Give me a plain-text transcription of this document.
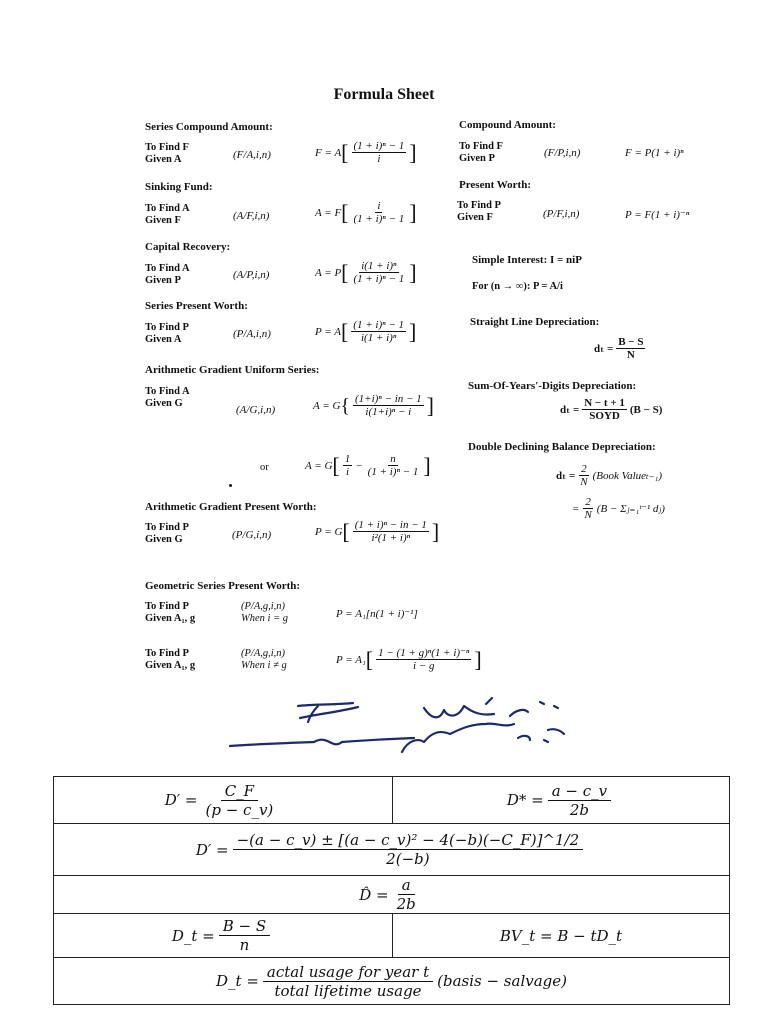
Formula Sheet
Series Compound Amount:
To Find F
Given A	(F/A,i,n)	F = A [ $\frac{\text{(1 + i)ⁿ − 1}}{i}$ ]
Sinking Fund:
To Find A
Given F	(A/F,i,n)	A = F [ $\frac{i}{\text{(1 + i)ⁿ − 1}}$ ]
Capital Recovery:
To Find A
Given P	(A/P,i,n)	A = P [ $\frac{\text{i(1 + i)ⁿ}}{\text{(1 + i)ⁿ − 1}}$ ]
Series Present Worth:
To Find P
Given A	(P/A,i,n)	P = A [ $\frac{\text{(1 + i)ⁿ − 1}}{\text{i(1 + i)ⁿ}}$ ]
Arithmetic Gradient Uniform Series:
To Find A
Given G
(A/G,i,n)	A = G { $\frac{\text{(1+i)ⁿ − in − 1}}{\text{i(1+i)ⁿ − i}}$ ]
or	A = G [ $\frac{1}{i} - \frac{n}{\text{(1 + i)ⁿ − 1}}$ ]
Arithmetic Gradient Present Worth:
To Find P
Given G	(P/G,i,n)	P = G [ $\frac{\text{(1 + i)ⁿ − in − 1}}{\text{i²(1 + i)ⁿ}}$ ]
Geometric Series Present Worth:
To Find P
Given A₁, g
(P/A,g,i,n)
When i = g	P = A₁[n(1 + i)⁻¹]
To Find P
Given A₁, g
(P/A,g,i,n)
When i ≠ g	P = A₁ [ $\frac{\text{1 − (1 + g)ⁿ(1 + i)⁻ⁿ}}{i - g}$ ]
Compound Amount:
To Find F
Given P	(F/P,i,n)	F = P(1 + i)ⁿ
Present Worth:
To Find P
Given F	(P/F,i,n)	P = F(1 + i)⁻ⁿ
Simple Interest: I = niP
For (n → ∞): P = A/i
Straight Line Depreciation:
$d_t = \frac{B - S}{N}$
Sum-Of-Years'-Digits Depreciation:
$d_t = \frac{N - t + 1}{\text{SOYD}} (B - S)$
Double Declining Balance Depreciation:
$d_t = \frac{2}{N}$ (Book Valueₜ₋₁)
= $\frac{2}{N} (B$ − Σⱼ₌₁ᵗ⁻¹ dⱼ)
$D' = \frac{C\_F}{(p - c\_v)}$	$D* = \frac{a - c\_v}{2b}$

$D' = \frac{\text{−(a − c\_v) ± [(a − c\_v)² − 4(−b)(−C\_F)]\textasciicircum{}1/2}}{2(-b)}$

D̂ = $\frac{a}{2b}$

D_t = $\frac{B - S}{n}$	BV_t = B − tD_t

D_t = $\frac{\text{actal usage for year t}}{\text{total lifetime usage}}$ (basis − salvage)	
